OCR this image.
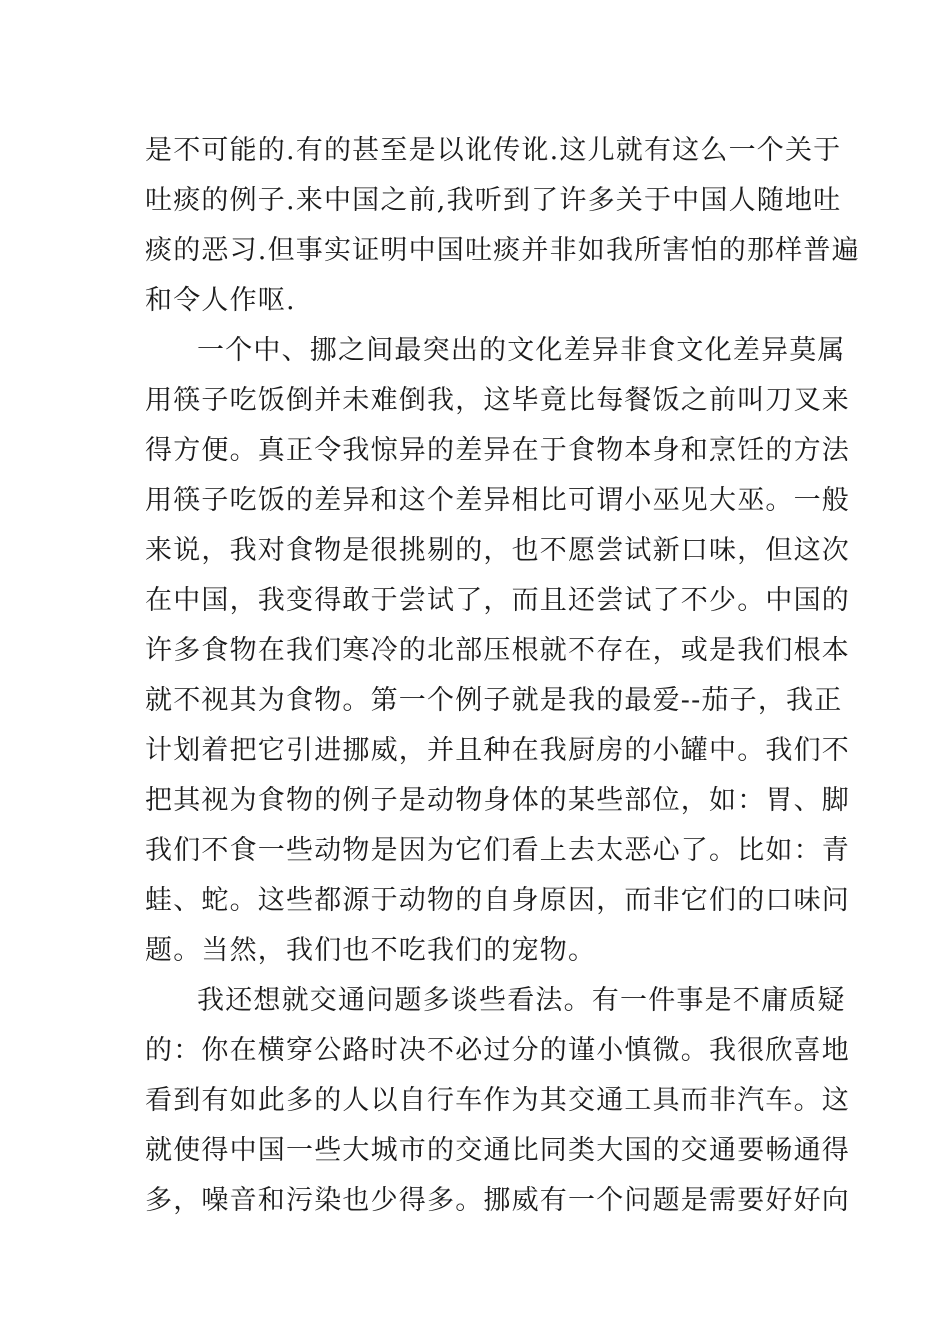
是不可能的.有的甚至是以讹传讹.这儿就有这么一个关于
吐痰的例子.来中国之前,我听到了许多关于中国人随地吐
痰的恶习.但事实证明中国吐痰并非如我所害怕的那样普遍
和令人作呕.
一个中、挪之间最突出的文化差异非食文化差异莫属
用筷子吃饭倒并未难倒我，这毕竟比每餐饭之前叫刀叉来
得方便。真正令我惊异的差异在于食物本身和烹饪的方法
用筷子吃饭的差异和这个差异相比可谓小巫见大巫。一般
来说，我对食物是很挑剔的，也不愿尝试新口味，但这次
在中国，我变得敢于尝试了，而且还尝试了不少。中国的
许多食物在我们寒冷的北部压根就不存在，或是我们根本
就不视其为食物。第一个例子就是我的最爱--茄子，我正
计划着把它引进挪威，并且种在我厨房的小罐中。我们不
把其视为食物的例子是动物身体的某些部位，如：胃、脚
我们不食一些动物是因为它们看上去太恶心了。比如：青
蛙、蛇。这些都源于动物的自身原因，而非它们的口味问
题。当然，我们也不吃我们的宠物。
我还想就交通问题多谈些看法。有一件事是不庸质疑
的：你在横穿公路时决不必过分的谨小慎微。我很欣喜地
看到有如此多的人以自行车作为其交通工具而非汽车。这
就使得中国一些大城市的交通比同类大国的交通要畅通得
多，噪音和污染也少得多。挪威有一个问题是需要好好向
